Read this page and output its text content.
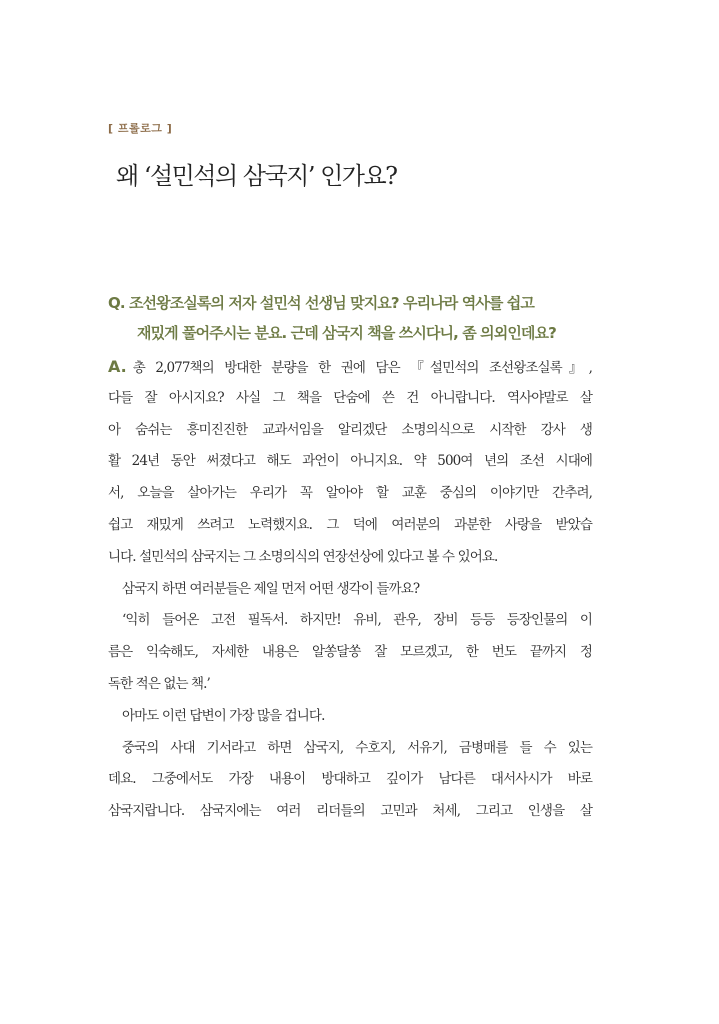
[ 프롤로그 ]
왜 ‘설민석의 삼국지’ 인가요?
Q. 조선왕조실록의 저자 설민석 선생님 맞지요? 우리나라 역사를 쉽고
재밌게 풀어주시는 분요. 근데 삼국지 책을 쓰시다니, 좀 의외인데요?
A. 총 2,077책의 방대한 분량을 한 권에 담은 『설민석의 조선왕조실록』,
다들 잘 아시지요? 사실 그 책을 단숨에 쓴 건 아니랍니다. 역사야말로 살
아 숨쉬는 흥미진진한 교과서임을 알리겠단 소명의식으로 시작한 강사 생
활 24년 동안 써졌다고 해도 과언이 아니지요. 약 500여 년의 조선 시대에
서, 오늘을 살아가는 우리가 꼭 알아야 할 교훈 중심의 이야기만 간추려,
쉽고 재밌게 쓰려고 노력했지요. 그 덕에 여러분의 과분한 사랑을 받았습
니다. 설민석의 삼국지는 그 소명의식의 연장선상에 있다고 볼 수 있어요.
삼국지 하면 여러분들은 제일 먼저 어떤 생각이 들까요?
‘익히 들어온 고전 필독서. 하지만! 유비, 관우, 장비 등등 등장인물의 이
름은 익숙해도, 자세한 내용은 알쏭달쏭 잘 모르겠고, 한 번도 끝까지 정
독한 적은 없는 책.’
아마도 이런 답변이 가장 많을 겁니다.
중국의 사대 기서라고 하면 삼국지, 수호지, 서유기, 금병매를 들 수 있는
데요. 그중에서도 가장 내용이 방대하고 깊이가 남다른 대서사시가 바로
삼국지랍니다. 삼국지에는 여러 리더들의 고민과 처세, 그리고 인생을 살
